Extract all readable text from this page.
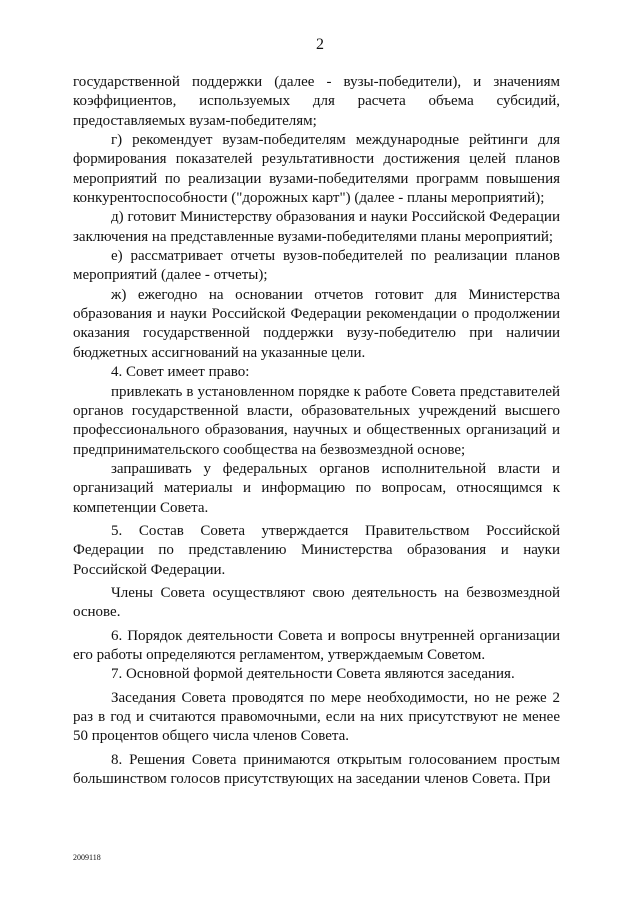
2

государственной поддержки (далее - вузы-победители), и значениям коэффициентов, используемых для расчета объема субсидий, предоставляемых вузам-победителям;

г) рекомендует вузам-победителям международные рейтинги для формирования показателей результативности достижения целей планов мероприятий по реализации вузами-победителями программ повышения конкурентоспособности ("дорожных карт") (далее - планы мероприятий);

д) готовит Министерству образования и науки Российской Федерации заключения на представленные вузами-победителями планы мероприятий;

е) рассматривает отчеты вузов-победителей по реализации планов мероприятий (далее - отчеты);

ж) ежегодно на основании отчетов готовит для Министерства образования и науки Российской Федерации рекомендации о продолжении оказания государственной поддержки вузу-победителю при наличии бюджетных ассигнований на указанные цели.

4. Совет имеет право:

привлекать в установленном порядке к работе Совета представителей органов государственной власти, образовательных учреждений высшего профессионального образования, научных и общественных организаций и предпринимательского сообщества на безвозмездной основе;

запрашивать у федеральных органов исполнительной власти и организаций материалы и информацию по вопросам, относящимся к компетенции Совета.

5. Состав Совета утверждается Правительством Российской Федерации по представлению Министерства образования и науки Российской Федерации.

Члены Совета осуществляют свою деятельность на безвозмездной основе.

6. Порядок деятельности Совета и вопросы внутренней организации его работы определяются регламентом, утверждаемым Советом.

7. Основной формой деятельности Совета являются заседания.

Заседания Совета проводятся по мере необходимости, но не реже 2 раз в год и считаются правомочными, если на них присутствуют не менее 50 процентов общего числа членов Совета.

8. Решения Совета принимаются открытым голосованием простым большинством голосов присутствующих на заседании членов Совета. При

2009118
